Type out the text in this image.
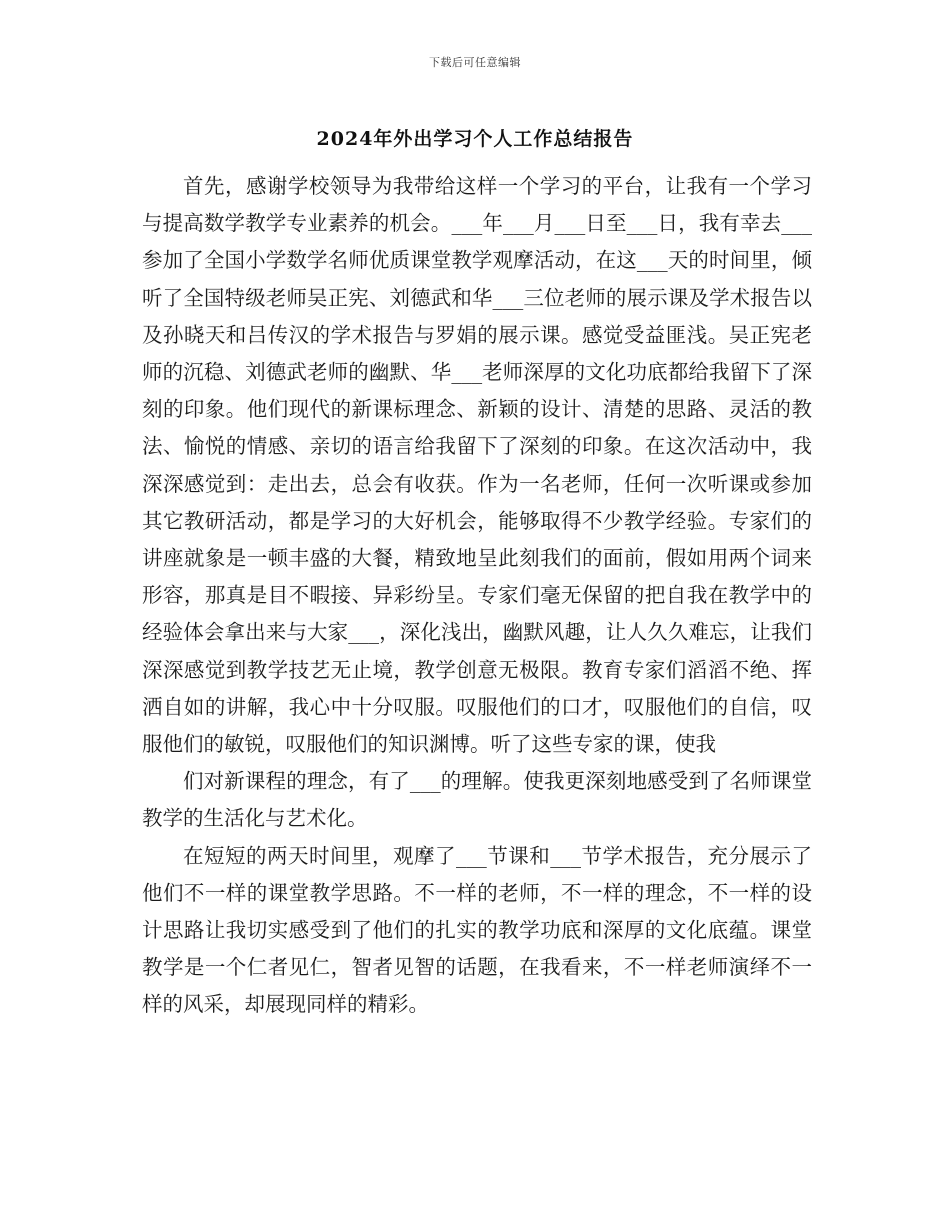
下载后可任意编辑
2024年外出学习个人工作总结报告

首先，感谢学校领导为我带给这样一个学习的平台，让我有一个学习与提高数学教学专业素养的机会。___年___月___日至___日，我有幸去___参加了全国小学数学名师优质课堂教学观摩活动，在这___天的时间里，倾听了全国特级老师吴正宪、刘德武和华___三位老师的展示课及学术报告以及孙晓天和吕传汉的学术报告与罗娟的展示课。感觉受益匪浅。吴正宪老师的沉稳、刘德武老师的幽默、华___老师深厚的文化功底都给我留下了深刻的印象。他们现代的新课标理念、新颖的设计、清楚的思路、灵活的教法、愉悦的情感、亲切的语言给我留下了深刻的印象。在这次活动中，我深深感觉到：走出去，总会有收获。作为一名老师，任何一次听课或参加其它教研活动，都是学习的大好机会，能够取得不少教学经验。专家们的讲座就象是一顿丰盛的大餐，精致地呈此刻我们的面前，假如用两个词来形容，那真是目不暇接、异彩纷呈。专家们毫无保留的把自我在教学中的经验体会拿出来与大家___，深化浅出，幽默风趣，让人久久难忘，让我们深深感觉到教学技艺无止境，教学创意无极限。教育专家们滔滔不绝、挥洒自如的讲解，我心中十分叹服。叹服他们的口才，叹服他们的自信，叹服他们的敏锐，叹服他们的知识渊博。听了这些专家的课，使我

们对新课程的理念，有了___的理解。使我更深刻地感受到了名师课堂教学的生活化与艺术化。

在短短的两天时间里，观摩了___节课和___节学术报告，充分展示了他们不一样的课堂教学思路。不一样的老师，不一样的理念，不一样的设计思路让我切实感受到了他们的扎实的教学功底和深厚的文化底蕴。课堂教学是一个仁者见仁，智者见智的话题，在我看来，不一样老师演绎不一样的风采，却展现同样的精彩。
